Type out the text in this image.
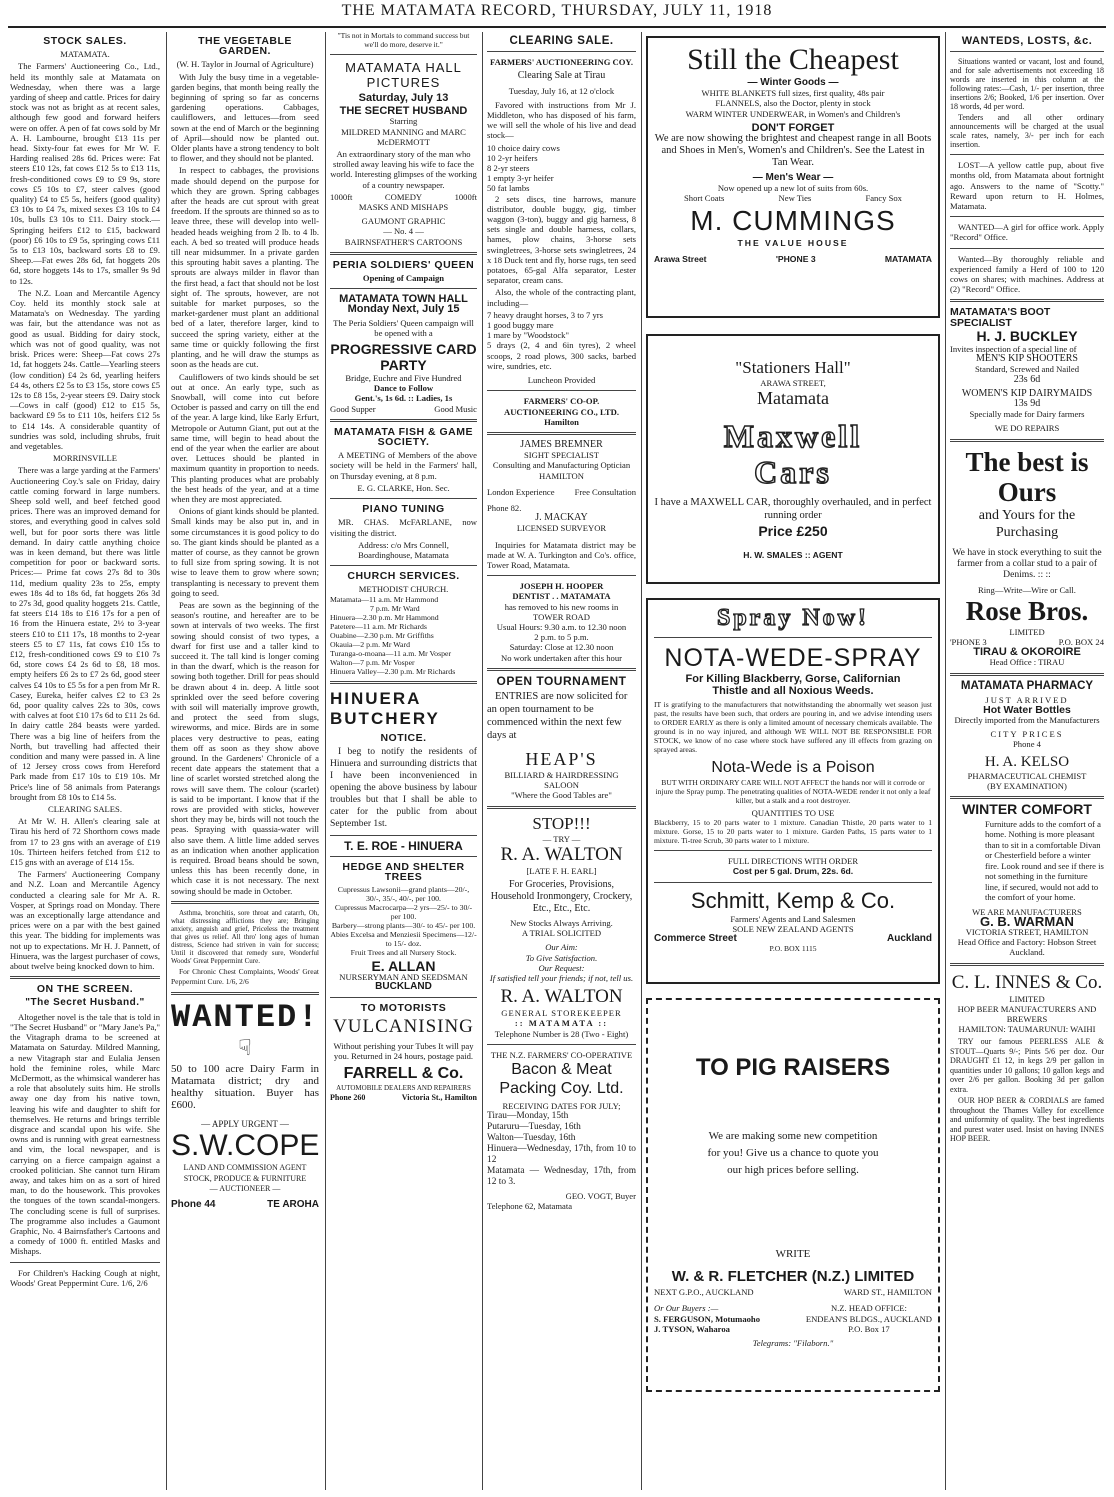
THE MATAMATA RECORD, THURSDAY, JULY 11, 1918
STOCK SALES.
MATAMATA.

The Farmers' Auctioneering Co., Ltd., held its monthly sale at Matamata on Wednesday, when there was a large yarding of sheep and cattle. Prices for dairy stock was not as bright as at recent sales, although few good and forward heifers were on offer. A pen of fat cows sold by Mr A. H. Lambourne, brought £13 11s per head. Sixty-four fat ewes for Mr W. F. Harding realised 28s 6d. Prices were: Fat steers £10 12s, fat cows £12 5s to £13 11s, fresh-conditioned cows £9 to £9 9s, store cows £5 10s to £7, steer calves (good quality) £4 to £5 5s, heifers (good quality) £3 10s to £4 7s, mixed sexes £3 10s to £4 10s, bulls £3 10s to £11. Dairy stock.—Springing heifers £12 to £15, backward (poor) £6 10s to £9 5s, springing cows £11 5s to £13 10s, backward sorts £8 to £9. Sheep.—Fat ewes 28s 6d, fat hoggets 20s 6d, store hoggets 14s to 17s, smaller 9s 9d to 12s.

The N.Z. Loan and Mercantile Agency Coy. held its monthly stock sale at Matamata's on Wednesday. The yarding was fair, but the attendance was not as good as usual. Bidding for dairy stock, which was not of good quality, was not brisk. Prices were: Sheep—Fat cows 27s 1d, fat hoggets 24s. Cattle—Yearling steers (low condition) £4 2s 6d, yearling heifers £4 4s, others £2 5s to £3 15s, store cows £5 12s to £8 15s, 2-year steers £9. Dairy stock—Cows in calf (good) £12 to £15 5s, backward £9 5s to £11 10s, heifers £12 5s to £14 14s. A considerable quantity of sundries was sold, including shrubs, fruit and vegetables.

MORRINSVILLE

There was a large yarding at the Farmers' Auctioneering Coy.'s sale on Friday, dairy cattle coming forward in large numbers. Sheep sold well, and beef fetched good prices. There was an improved demand for stores, and everything good in calves sold well, but for poor sorts there was little demand. In dairy cattle anything choice was in keen demand, but there was little competition for poor or backward sorts. Prices:— Prime fat cows 27s 8d to 30s 11d, medium quality 23s to 25s, empty ewes 18s 4d to 18s 6d, fat hoggets 26s 3d to 27s 3d, good quality hoggets 21s. Cattle, fat steers £14 18s to £16 17s for a pen of 16 from the Hinuera estate, 2½ to 3-year steers £10 to £11 17s, 18 months to 2-year steers £5 to £7 11s, fat cows £10 15s to £12, fresh-conditioned cows £9 to £10 7s 6d, store cows £4 2s 6d to £8, 18 mos. empty heifers £6 2s to £7 2s 6d, good steer calves £4 10s to £5 5s for a pen from Mr R. Casey, Eureka, heifer calves £2 to £3 2s 6d, poor quality calves 22s to 30s, cows with calves at foot £10 17s 6d to £11 2s 6d. In dairy cattle 284 beasts were yarded. There was a big line of heifers from the North, but travelling had affected their condition and many were passed in. A line of 12 Jersey cross cows from Hereford Park made from £17 10s to £19 10s. Mr Price's line of 58 animals from Paterangs brought from £8 10s to £14 5s.

CLEARING SALES.

At Mr W. H. Allen's clearing sale at Tirau his herd of 72 Shorthorn cows made from 17 to 23 gns with an average of £19 10s. Thirteen heifers fetched from £12 to £15 gns with an average of £14 15s.

The Farmers' Auctioneering Company and N.Z. Loan and Mercantile Agency conducted a clearing sale for Mr A. R. Vosper, at Springs road on Monday. There was an exceptionally large attendance and prices were on a par with the best gained this year. The bidding for implements was not up to expectations. Mr H. J. Pannett, of Hinuera, was the largest purchaser of cows, about twelve being knocked down to him.

ON THE SCREEN.
"The Secret Husband."

Altogether novel is the tale that is told in "The Secret Husband" or "Mary Jane's Pa," the Vitagraph drama to be screened at Matamata on Saturday. Mildred Manning, a new Vitagraph star and Eulalia Jensen hold the feminine roles, while Marc McDermott, as the whimsical wanderer has a role that absolutely suits him. He strolls away one day from his native town, leaving his wife and daughter to shift for themselves. He returns and brings terrible disgrace and scandal upon his wife. She owns and is running with great earnestness and vim, the local newspaper, and is carrying on a fierce campaign against a crooked politician. She cannot turn Hiram away, and takes him on as a sort of hired man, to do the housework. This provokes the tongues of the town scandal-mongers. The concluding scene is full of surprises. The programme also includes a Gaumont Graphic, No. 4 Bairnsfather's Cartoons and a comedy of 1000 ft. entitled Masks and Mishaps.

For Children's Hacking Cough at night, Woods' Great Peppermint Cure. 1/6, 2/6

THE VEGETABLE GARDEN.
(W. H. Taylor in Journal of Agriculture)

With July the busy time in a vegetable-garden begins, that month being really the beginning of spring so far as concerns gardening operations. Cabbages, cauliflowers, and lettuces—from seed sown at the end of March or the beginning of April—should now be planted out. Older plants have a strong tendency to bolt to flower, and they should not be planted.

In respect to cabbages, the provisions made should depend on the purpose for which they are grown. Spring cabbages after the heads are cut sprout with great freedom. If the sprouts are thinned so as to leave three, these will develop into well-headed heads weighing from 2 lb. to 4 lb. each. A bed so treated will produce heads till near midsummer. In a private garden this sprouting habit saves a planting. The sprouts are always milder in flavor than the first head, a fact that should not be lost sight of. The sprouts, however, are not suitable for market purposes, so the market-gardener must plant an additional bed of a later, therefore larger, kind to succeed the spring variety, either at the same time or quickly following the first planting, and he will draw the stumps as soon as the heads are cut.

Cauliflowers of two kinds should be set out at once. An early type, such as Snowball, will come into cut before October is passed and carry on till the end of the year. A large kind, like Early Erfurt, Metropole or Autumn Giant, put out at the same time, will begin to head about the end of the year when the earlier are about over. Lettuces should be planted in maximum quantity in proportion to needs. This planting produces what are probably the best heads of the year, and at a time when they are most appreciated.

Onions of giant kinds should be planted. Small kinds may be also put in, and in some circumstances it is good policy to do so. The giant kinds should be planted as a matter of course, as they cannot be grown to full size from spring sowing. It is not wise to leave them to grow where sown; transplanting is necessary to prevent them going to seed.

Peas are sown as the beginning of the season's routine, and hereafter are to be sown at intervals of two weeks. The first sowing should consist of two types, a dwarf for first use and a taller kind to succeed it. The tall kind is longer coming in than the dwarf, which is the reason for sowing both together. Drill for peas should be drawn about 4 in. deep. A little soot sprinkled over the seed before covering with soil will materially improve growth, and protect the seed from slugs, wireworms, and mice. Birds are in some places very destructive to peas, eating them off as soon as they show above ground. In the Gardeners' Chronicle of a recent date appears the statement that a line of scarlet worsted stretched along the rows will save them. The colour (scarlet) is said to be important. I know that if the rows are provided with sticks, however short they may be, birds will not touch the peas. Spraying with quassia-water will also save them. A little lime added serves as an indication when another application is required. Broad beans should be sown, unless this has been recently done, in which case it is not necessary. The next sowing should be made in October.

Asthma, bronchitis, sore throat and catarrh, Oh, what distressing afflictions they are; Bringing anxiety, anguish and grief, Priceless the treatment that gives us relief. All thro' long ages of human distress, Science had striven in vain for success; Until it discovered that remedy sure, Wonderful Woods' Great Peppermint Cure.

For Chronic Chest Complaints, Woods' Great Peppermint Cure. 1/6, 2/6

WANTED!
☟
50 to 100 acre Dairy Farm in Matamata district; dry and healthy situation. Buyer has £600.
— APPLY URGENT —
S.W.COPE
LAND AND COMMISSION AGENT STOCK, PRODUCE & FURNITURE
— AUCTIONEER —
Phone 44	TE AROHA
"Tis not in Mortals to command success but we'll do more, deserve it."
MATAMATA HALL PICTURES
Saturday, July 13
THE SECRET HUSBAND
Starring
MILDRED MANNING and MARC McDERMOTT
An extraordinary story of the man who strolled away leaving his wife to face the world. Interesting glimpses of the working of a country newspaper.
1000ft	COMEDY	1000ft
MASKS AND MISHAPS
GAUMONT GRAPHIC
— No. 4 —
BAIRNSFATHER'S CARTOONS
PERIA SOLDIERS' QUEEN
Opening of Campaign
MATAMATA TOWN HALL
Monday Next, July 15
The Peria Soldiers' Queen campaign will be opened with a
PROGRESSIVE CARD PARTY
Bridge, Euchre and Five Hundred
Dance to Follow
Gent.'s, 1s 6d. :: Ladies, 1s
Good Supper	Good Music
MATAMATA FISH & GAME SOCIETY.

A MEETING of Members of the above society will be held in the Farmers' hall, on Thursday evening, at 8 p.m.

E. G. CLARKE, Hon. Sec.
PIANO TUNING

MR. CHAS. McFARLANE, now visiting the district.

Address: c/o Mrs Connell, Boardinghouse, Matamata
CHURCH SERVICES.
METHODIST CHURCH.
Matamata—11 a.m. Mr Hammond
7 p.m. Mr Ward
Hinuera—2.30 p.m. Mr Hammond
Patetere—11 a.m. Mr Richards
Ouabine—2.30 p.m. Mr Griffiths
Okauia—2 p.m. Mr Ward
Turanga-o-moana—11 a.m. Mr Vosper
Walton—7 p.m. Mr Vosper
Hinuera Valley—2.30 p.m. Mr Richards
HINUERA
BUTCHERY
NOTICE.

I beg to notify the residents of Hinuera and surrounding districts that I have been inconvenienced in opening the above business by labour troubles but that I shall be able to cater for the public from about September 1st.

T. E. ROE - HINUERA
HEDGE AND SHELTER TREES
Cupressus Lawsonii—grand plants—20/-, 30/-, 35/-, 40/-, per 100.
Cupressus Macrocarpa—2 yrs—25/- to 30/- per 100.
Barbery—strong plants—30/- to 45/- per 100.
Abies Excelsa and Menziesii Specimens—12/- to 15/- doz.
Fruit Trees and all Nursery Stock.
E. ALLAN
NURSERYMAN AND SEEDSMAN
BUCKLAND
TO MOTORISTS
VULCANISING
Without perishing your Tubes It will pay you. Returned in 24 hours, postage paid.
FARRELL & Co.
AUTOMOBILE DEALERS AND REPAIRERS
Phone 260	Victoria St., Hamilton
CLEARING SALE.
FARMERS' AUCTIONEERING COY.
Clearing Sale at Tirau
Tuesday, July 16, at 12 o'clock

Favored with instructions from Mr J. Middleton, who has disposed of his farm, we will sell the whole of his live and dead stock—

10 choice dairy cows
10 2-yr heifers
8 2-yr steers
1 empty 3-yr heifer
50 fat lambs

2 sets discs, tine harrows, manure distributor, double buggy, gig, timber waggon (3-ton), buggy and gig harness, 8 sets single and double harness, collars, hames, plow chains, 3-horse sets swingletrees, 3-horse sets swingletrees, 24 x 18 Duck tent and fly, horse rugs, ten seed potatoes, 65-gal Alfa separator, Lester separator, cream cans.

Also, the whole of the contracting plant, including—

7 heavy draught horses, 3 to 7 yrs
1 good buggy mare
1 mare by "Woodstock"
5 drays (2, 4 and 6in tyres), 2 wheel scoops, 2 road plows, 300 sacks, barbed wire, sundries, etc.
Luncheon Provided
FARMERS' CO-OP. AUCTIONEERING CO., LTD.
Hamilton
JAMES BREMNER
SIGHT SPECIALIST
Consulting and Manufacturing Optician
HAMILTON
London Experience Free Consultation
Phone 82.
J. MACKAY
LICENSED SURVEYOR

Inquiries for Matamata district may be made at W. A. Turkington and Co's. office, Tower Road, Matamata.

JOSEPH H. HOOPER
DENTIST . . MATAMATA
has removed to his new rooms in
TOWER ROAD
Usual Hours: 9.30 a.m. to 12.30 noon
2 p.m. to 5 p.m.
Saturday: Close at 12.30 noon
No work undertaken after this hour
OPEN TOURNAMENT

ENTRIES are now solicited for an open tournament to be commenced within the next few days at

HEAP'S
BILLIARD & HAIRDRESSING SALOON
"Where the Good Tables are"
STOP!!!
— TRY —
R. A. WALTON
[LATE F. H. EARL]
For Groceries, Provisions, Household Ironmongery, Crockery, Etc., Etc., Etc.
New Stocks Always Arriving.
A TRIAL SOLICITED
Our Aim:
To Give Satisfaction.
Our Request:
If satisfied tell your friends; if not, tell us.
R. A. WALTON
GENERAL STOREKEEPER
:: MATAMATA ::
Telephone Number is 28 (Two - Eight)
THE N.Z. FARMERS' CO-OPERATIVE
Bacon & Meat Packing Coy. Ltd.
RECEIVING DATES FOR JULY;
Tirau—Monday, 15th
Putaruru—Tuesday, 16th
Walton—Tuesday, 16th
Hinuera—Wednesday, 17th, from 10 to 12
Matamata — Wednesday, 17th, from 12 to 3.
GEO. VOGT, Buyer
Telephone 62, Matamata
Still the Cheapest
— Winter Goods —
WHITE BLANKETS full sizes, first quality, 48s pair
FLANNELS, also the Doctor, plenty in stock
WARM WINTER UNDERWEAR, in Women's and Children's
DON'T FORGET
We are now showing the brightest and cheapest range in all Boots and Shoes in Men's, Women's and Children's. See the Latest in Tan Wear.
— Men's Wear —
Now opened up a new lot of suits from 60s.
Short Coats	New Ties	Fancy Sox
M. CUMMINGS
THE VALUE HOUSE
Arawa Street	'PHONE 3	MATAMATA
"Stationers Hall"
ARAWA STREET,
Matamata
Maxwell
Cars
I have a MAXWELL CAR, thoroughly overhauled, and in perfect running order
Price £250
H. W. SMALES :: AGENT
Spray Now!
NOTA-WEDE-SPRAY
For Killing Blackberry, Gorse, Californian Thistle and all Noxious Weeds.
IT is gratifying to the manufacturers that notwithstanding the abnormally wet season just past, the results have been such, that orders are pouring in, and we advise intending users to ORDER EARLY as there is only a limited amount of necessary chemicals available. The ground is in no way injured, and although WE WILL NOT BE RESPONSIBLE FOR STOCK, we know of no case where stock have suffered any ill effects from grazing on sprayed areas.
Nota-Wede is a Poison
BUT WITH ORDINARY CARE WILL NOT AFFECT the hands nor will it corrode or injure the Spray pump. The penetrating qualities of NOTA-WEDE render it not only a leaf killer, but a stalk and a root destroyer.
QUANTITIES TO USE
Blackberry, 15 to 20 parts water to 1 mixture. Canadian Thistle, 20 parts water to 1 mixture. Gorse, 15 to 20 parts water to 1 mixture. Garden Paths, 15 parts water to 1 mixture. Ti-tree Scrub, 30 parts water to 1 mixture.
FULL DIRECTIONS WITH ORDER
Cost per 5 gal. Drum, 22s. 6d.
Schmitt, Kemp & Co.
Farmers' Agents and Land Salesmen
SOLE NEW ZEALAND AGENTS
Commerce Street	Auckland
P.O. BOX 1115
TO PIG RAISERS
We are making some new competition for you! Give us a chance to quote you our high prices before selling.
WRITE
W. & R. FLETCHER (N.Z.) LIMITED
NEXT G.P.O., AUCKLAND	WARD ST., HAMILTON
Or Our Buyers :—
S. FERGUSON, Motumaoho
J. TYSON, Waharoa
N.Z. HEAD OFFICE:
ENDEAN'S BLDGS., AUCKLAND
P.O. Box 17
Telegrams: "Filaborn."
WANTEDS, LOSTS, &c.

Situations wanted or vacant, lost and found, and for sale advertisements not exceeding 18 words are inserted in this column at the following rates:—Cash, 1/- per insertion, three insertions 2/6; Booked, 1/6 per insertion. Over 18 words, 4d per word.

Tenders and all other ordinary announcements will be charged at the usual scale rates, namely, 3/- per inch for each insertion.

LOST—A yellow cattle pup, about five months old, from Matamata about fortnight ago. Answers to the name of "Scotty." Reward upon return to H. Holmes, Matamata.

WANTED—A girl for office work. Apply "Record" Office.

Wanted—By thoroughly reliable and experienced family a Herd of 100 to 120 cows on shares; with machines. Address at (2) "Record" Office.

MATAMATA'S BOOT SPECIALIST
H. J. BUCKLEY
Invites inspection of a special line of
MEN'S KIP SHOOTERS
Standard, Screwed and Nailed
23s 6d
WOMEN'S KIP DAIRYMAIDS
13s 9d
Specially made for Dairy farmers
WE DO REPAIRS
The best is
Ours
and Yours for the Purchasing
We have in stock everything to suit the farmer from a collar stud to a pair of Denims. :: ::
Ring—Write—Wire or Call.
Rose Bros.
LIMITED
'PHONE 3	P.O. BOX 24
TIRAU & OKOROIRE
Head Office : TIRAU
MATAMATA PHARMACY
JUST ARRIVED
Hot Water Bottles
Directly imported from the Manufacturers
CITY PRICES
Phone 4
H. A. KELSO
PHARMACEUTICAL CHEMIST
(BY EXAMINATION)
WINTER COMFORT
Furniture adds to the comfort of a home. Nothing is more pleasant than to sit in a comfortable Divan or Chesterfield before a winter fire. Look round and see if there is not something in the furniture line, if secured, would not add to the comfort of your home.
WE ARE MANUFACTURERS
G. B. WARMAN
VICTORIA STREET, HAMILTON
Head Office and Factory: Hobson Street Auckland.
C. L. INNES & Co.
LIMITED
HOP BEER MANUFACTURERS AND BREWERS
HAMILTON: TAUMARUNUI: WAIHI

TRY our famous PEERLESS ALE & STOUT—Quarts 9/-; Pints 5/6 per doz. Our DRAUGHT £1 12, in kegs 2/9 per gallon in quantities under 10 gallons; 10 gallon kegs and over 2/6 per gallon. Booking 3d per gallon extra.

OUR HOP BEER & CORDIALS are famed throughout the Thames Valley for excellence and uniformity of quality. The best ingredients and purest water used. Insist on having INNES HOP BEER.
